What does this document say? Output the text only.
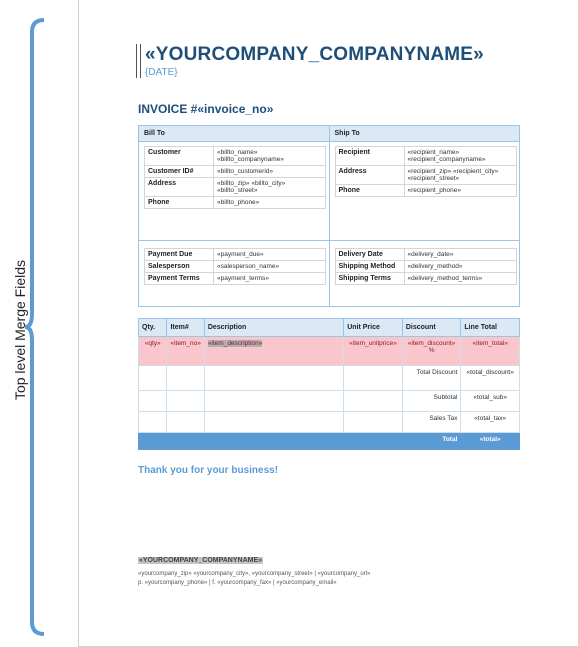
Top level Merge Fields
«YOURCOMPANY_COMPANYNAME»
{DATE}
INVOICE #«invoice_no»
Bill To	Ship To

Customer	«billto_name» «billto_companyname»
Customer ID#	«billto_customerid»
Address	«billto_zip» «billto_city» «billto_street»
Phone	«billto_phone»

Recipient	«recipient_name» «recipient_companyname»
Address	«recipient_zip» «recipient_city» «recipient_street»
Phone	«recipient_phone»

Payment Due	«payment_due»
Salesperson	«salesperson_name»
Payment Terms	«payment_terms»

Delivery Date	«delivery_date»
Shipping Method	«delivery_method»
Shipping Terms	«delivery_method_terms»
Qty.	Item#	Description	Unit Price	Discount	Line Total
«qty»	«item_no»	«item_description»	«item_unitprice»	«item_discount» %	«item_total»
				Total Discount	«total_discount»
				Subtotal	«total_sub»
				Sales Tax	«total_tax»
				Total	«total»
Thank you for your business!
«YOURCOMPANY_COMPANYNAME»
«yourcompany_zip» «yourcompany_city», «yourcompany_street» | «yourcompany_url»
p. «yourcompany_phone» | f. «yourcompany_fax» | «yourcompany_email»
